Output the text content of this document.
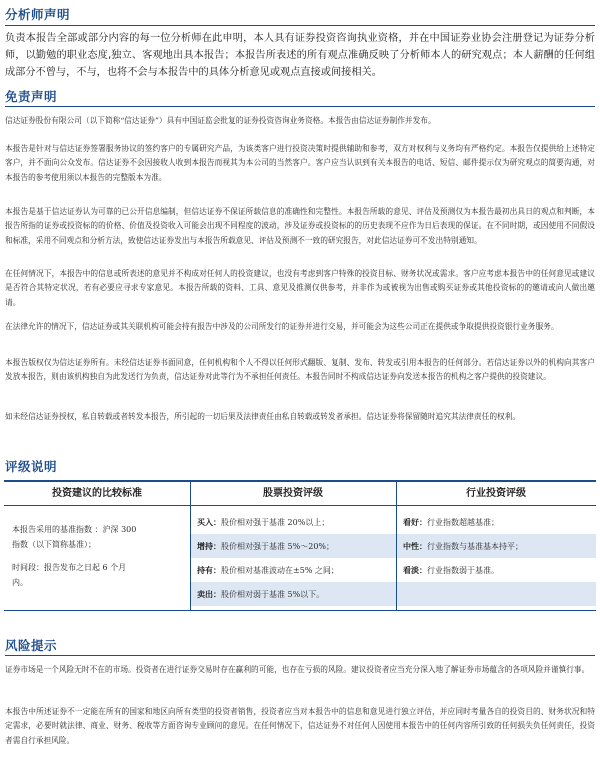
分析师声明
负责本报告全部或部分内容的每一位分析师在此申明，本人具有证券投资咨询执业资格，并在中国证券业协会注册登记为证券分析师，以勤勉的职业态度,独立、客观地出具本报告；本报告所表述的所有观点准确反映了分析师本人的研究观点；本人薪酬的任何组成部分不曾与，不与，也将不会与本报告中的具体分析意见或观点直接或间接相关。
免责声明
信达证券股份有限公司（以下简称“信达证券”）具有中国证监会批复的证券投资咨询业务资格。本报告由信达证券制作并发布。
本报告是针对与信达证券签署服务协议的签约客户的专属研究产品，为该类客户进行投资决策时提供辅助和参考，双方对权利与义务均有严格约定。本报告仅提供给上述特定客户，并不面向公众发布。信达证券不会因接收人收到本报告而视其为本公司的当然客户。客户应当认识到有关本报告的电话、短信、邮件提示仅为研究观点的简要沟通，对本报告的参考使用须以本报告的完整版本为准。
本报告是基于信达证券认为可靠的已公开信息编制，但信达证券不保证所载信息的准确性和完整性。本报告所载的意见、评估及预测仅为本报告最初出具日的观点和判断，本报告所指的证券或投资标的的价格、价值及投资收入可能会出现不同程度的波动，涉及证券或投资标的的历史表现不应作为日后表现的保证。在不同时期，或因使用不同假设和标准，采用不同观点和分析方法，致使信达证券发出与本报告所载意见、评估及预测不一致的研究报告，对此信达证券可不发出特别通知。
在任何情况下，本报告中的信息或所表述的意见并不构成对任何人的投资建议，也没有考虑到客户特殊的投资目标、财务状况或需求。客户应考虑本报告中的任何意见或建议是否符合其特定状况，若有必要应寻求专家意见。本报告所载的资料、工具、意见及推测仅供参考，并非作为或被视为出售或购买证券或其他投资标的的邀请或向人做出邀请。
在法律允许的情况下，信达证券或其关联机构可能会持有报告中涉及的公司所发行的证券并进行交易，并可能会为这些公司正在提供或争取提供投资银行业务服务。
本报告版权仅为信达证券所有。未经信达证券书面同意，任何机构和个人不得以任何形式翻版、复制、发布、转发或引用本报告的任何部分。若信达证券以外的机构向其客户发放本报告，则由该机构独自为此发送行为负责，信达证券对此等行为不承担任何责任。本报告同时不构成信达证券向发送本报告的机构之客户提供的投资建议。
如未经信达证券授权，私自转载或者转发本报告，所引起的一切后果及法律责任由私自转载或转发者承担。信达证券将保留随时追究其法律责任的权利。
评级说明
投资建议的比较标准	股票投资评级	行业投资评级
本报告采用的基准指数 ：沪深 300
指数（以下简称基准）；
时间段：报告发布之日起 6 个月
内。
买入：股价相对强于基准 20%以上；
增持：股价相对强于基准 5%～20%；
持有：股价相对基准波动在±5% 之间；
卖出：股价相对弱于基准 5%以下。
看好：行业指数超越基准；
中性：行业指数与基准基本持平；
看淡：行业指数弱于基准。
风险提示
证券市场是一个风险无时不在的市场。投资者在进行证券交易时存在赢利的可能，也存在亏损的风险。建议投资者应当充分深入地了解证券市场蕴含的各项风险并谨慎行事。
本报告中所述证券不一定能在所有的国家和地区向所有类型的投资者销售，投资者应当对本报告中的信息和意见进行独立评估，并应同时考量各自的投资目的、财务状况和特定需求，必要时就法律、商业、财务、税收等方面咨询专业顾问的意见。在任何情况下，信达证券不对任何人因使用本报告中的任何内容所引致的任何损失负任何责任，投资者需自行承担风险。
